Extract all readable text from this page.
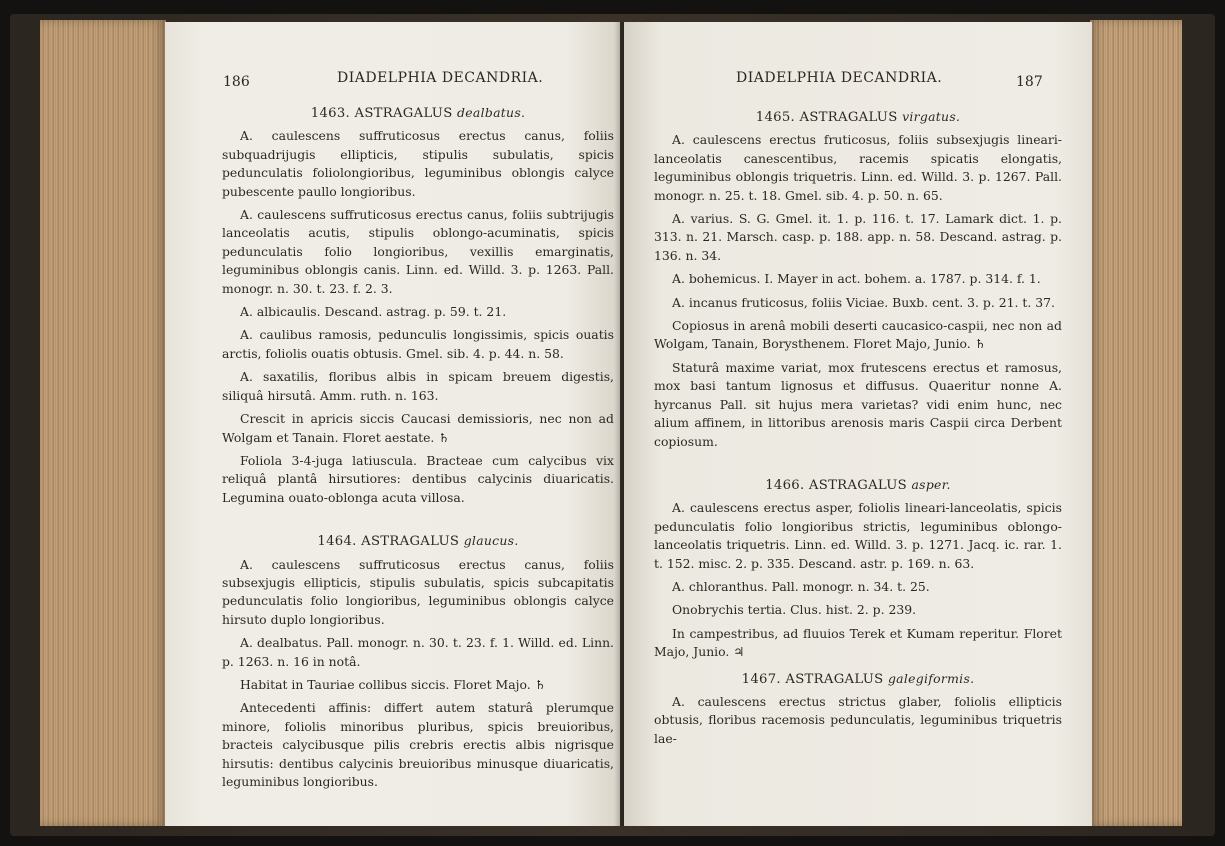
186	DIADELPHIA DECANDRIA.
1463. ASTRAGALUS dealbatus.

A. caulescens suffruticosus erectus canus, foliis subquadrijugis ellipticis, stipulis subulatis, spicis pedunculatis foliolongioribus, leguminibus oblongis calyce pubescente paullo longioribus.

A. caulescens suffruticosus erectus canus, foliis subtrijugis lanceolatis acutis, stipulis oblongo-acuminatis, spicis pedunculatis folio longioribus, vexillis emarginatis, leguminibus oblongis canis. Linn. ed. Willd. 3. p. 1263. Pall. monogr. n. 30. t. 23. f. 2. 3.

A. albicaulis. Descand. astrag. p. 59. t. 21.

A. caulibus ramosis, pedunculis longissimis, spicis ouatis arctis, foliolis ouatis obtusis. Gmel. sib. 4. p. 44. n. 58.

A. saxatilis, floribus albis in spicam breuem digestis, siliquâ hirsutâ. Amm. ruth. n. 163.

Crescit in apricis siccis Caucasi demissioris, nec non ad Wolgam et Tanain. Floret aestate. ♄

Foliola 3-4-juga latiuscula. Bracteae cum calycibus vix reliquâ plantâ hirsutiores: dentibus calycinis diuaricatis. Legumina ouato-oblonga acuta villosa.

1464. ASTRAGALUS glaucus.

A. caulescens suffruticosus erectus canus, foliis subsexjugis ellipticis, stipulis subulatis, spicis subcapitatis pedunculatis folio longioribus, leguminibus oblongis calyce hirsuto duplo longioribus.

A. dealbatus. Pall. monogr. n. 30. t. 23. f. 1. Willd. ed. Linn. p. 1263. n. 16 in notâ.

Habitat in Tauriae collibus siccis. Floret Majo. ♄

Antecedenti affinis: differt autem staturâ plerumque minore, foliolis minoribus pluribus, spicis breuioribus, bracteis calycibusque pilis crebris erectis albis nigrisque hirsutis: dentibus calycinis breuioribus minusque diuaricatis, leguminibus longioribus.

DIADELPHIA DECANDRIA.	187
1465. ASTRAGALUS virgatus.

A. caulescens erectus fruticosus, foliis subsexjugis lineari-lanceolatis canescentibus, racemis spicatis elongatis, leguminibus oblongis triquetris. Linn. ed. Willd. 3. p. 1267. Pall. monogr. n. 25. t. 18. Gmel. sib. 4. p. 50. n. 65.

A. varius. S. G. Gmel. it. 1. p. 116. t. 17. Lamark dict. 1. p. 313. n. 21. Marsch. casp. p. 188. app. n. 58. Descand. astrag. p. 136. n. 34.

A. bohemicus. I. Mayer in act. bohem. a. 1787. p. 314. f. 1.

A. incanus fruticosus, foliis Viciae. Buxb. cent. 3. p. 21. t. 37.

Copiosus in arenâ mobili deserti caucasico-caspii, nec non ad Wolgam, Tanain, Borysthenem. Floret Majo, Junio. ♄

Staturâ maxime variat, mox frutescens erectus et ramosus, mox basi tantum lignosus et diffusus. Quaeritur nonne A. hyrcanus Pall. sit hujus mera varietas? vidi enim hunc, nec alium affinem, in littoribus arenosis maris Caspii circa Derbent copiosum.

1466. ASTRAGALUS asper.

A. caulescens erectus asper, foliolis lineari-lanceolatis, spicis pedunculatis folio longioribus strictis, leguminibus oblongo-lanceolatis triquetris. Linn. ed. Willd. 3. p. 1271. Jacq. ic. rar. 1. t. 152. misc. 2. p. 335. Descand. astr. p. 169. n. 63.

A. chloranthus. Pall. monogr. n. 34. t. 25.

Onobrychis tertia. Clus. hist. 2. p. 239.

In campestribus, ad fluuios Terek et Kumam reperitur. Floret Majo, Junio. ♃

1467. ASTRAGALUS galegiformis.

A. caulescens erectus strictus glaber, foliolis ellipticis obtusis, floribus racemosis pedunculatis, leguminibus triquetris lae-
